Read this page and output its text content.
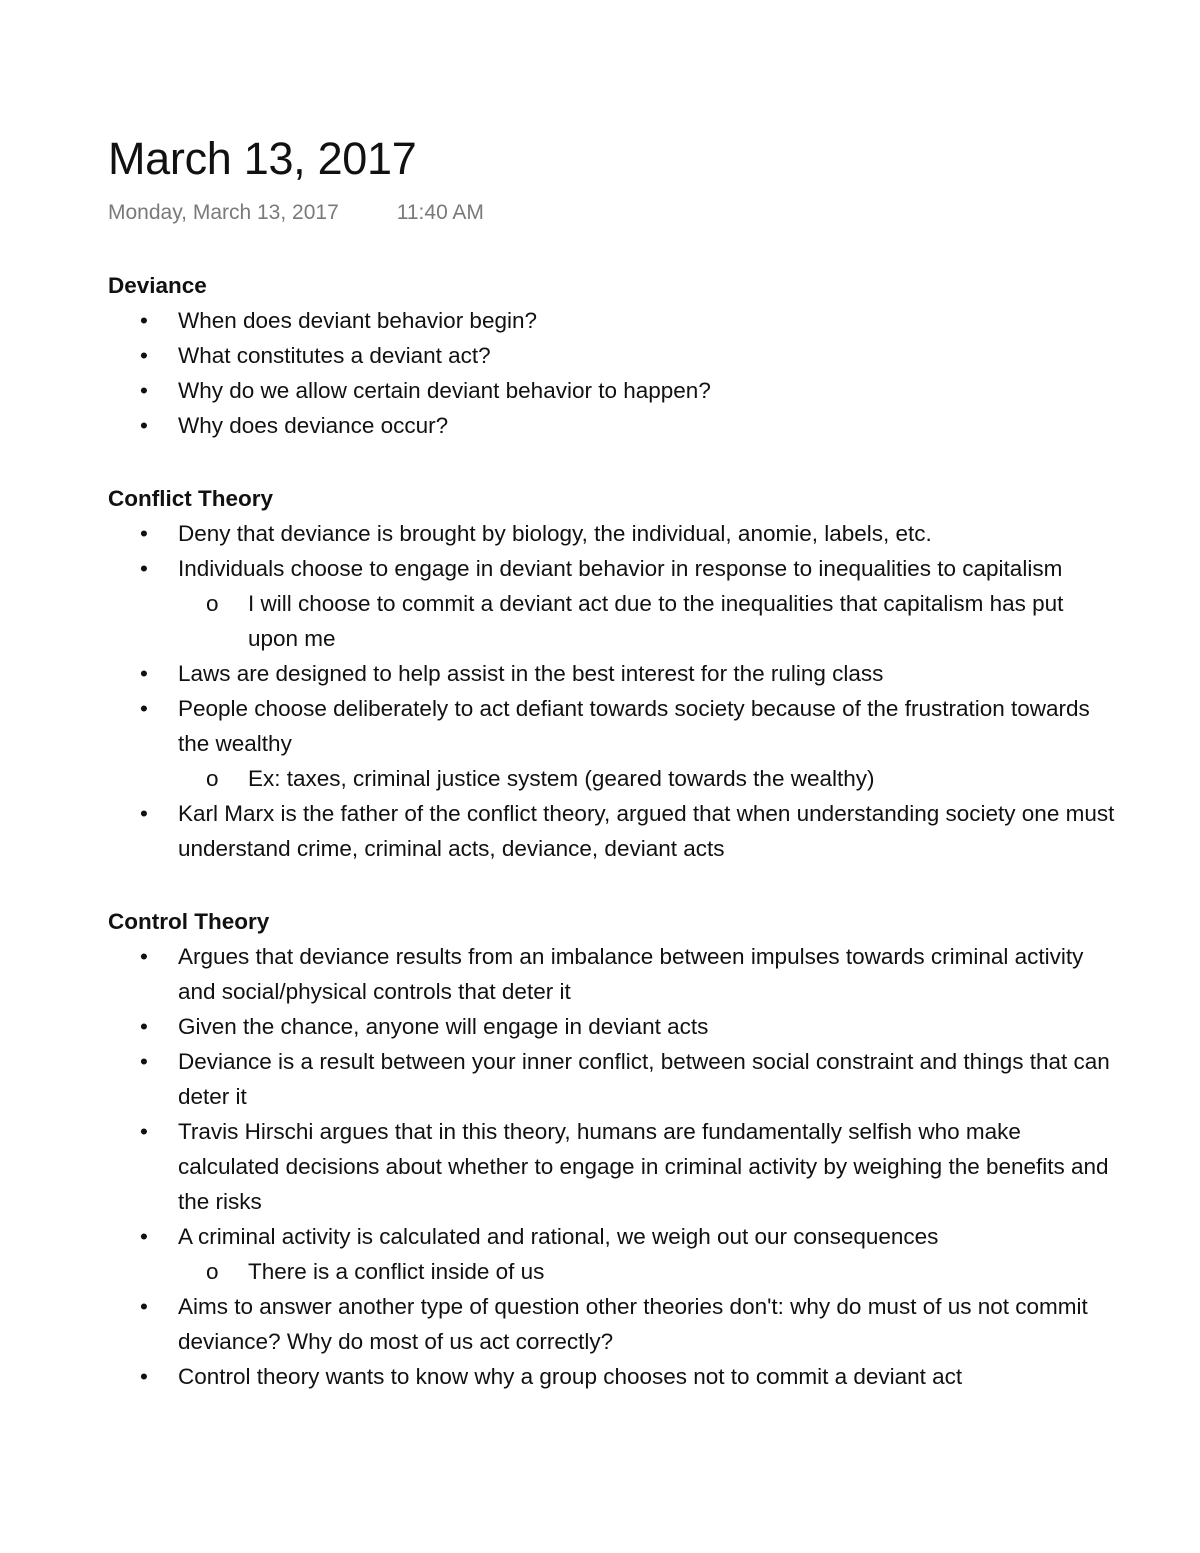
March 13, 2017
Monday, March 13, 2017	11:40 AM
Deviance
• When does deviant behavior begin?
• What constitutes a deviant act?
• Why do we allow certain deviant behavior to happen?
• Why does deviance occur?
Conflict Theory
• Deny that deviance is brought by biology, the individual, anomie, labels, etc.
• Individuals choose to engage in deviant behavior in response to inequalities to capitalism
o I will choose to commit a deviant act due to the inequalities that capitalism has put upon me
• Laws are designed to help assist in the best interest for the ruling class
• People choose deliberately to act defiant towards society because of the frustration towards the wealthy
o Ex: taxes, criminal justice system (geared towards the wealthy)
• Karl Marx is the father of the conflict theory, argued that when understanding society one must understand crime, criminal acts, deviance, deviant acts
Control Theory
• Argues that deviance results from an imbalance between impulses towards criminal activity and social/physical controls that deter it
• Given the chance, anyone will engage in deviant acts
• Deviance is a result between your inner conflict, between social constraint and things that can deter it
• Travis Hirschi argues that in this theory, humans are fundamentally selfish who make calculated decisions about whether to engage in criminal activity by weighing the benefits and the risks
• A criminal activity is calculated and rational, we weigh out our consequences
o There is a conflict inside of us
• Aims to answer another type of question other theories don't: why do must of us not commit deviance? Why do most of us act correctly?
• Control theory wants to know why a group chooses not to commit a deviant act
